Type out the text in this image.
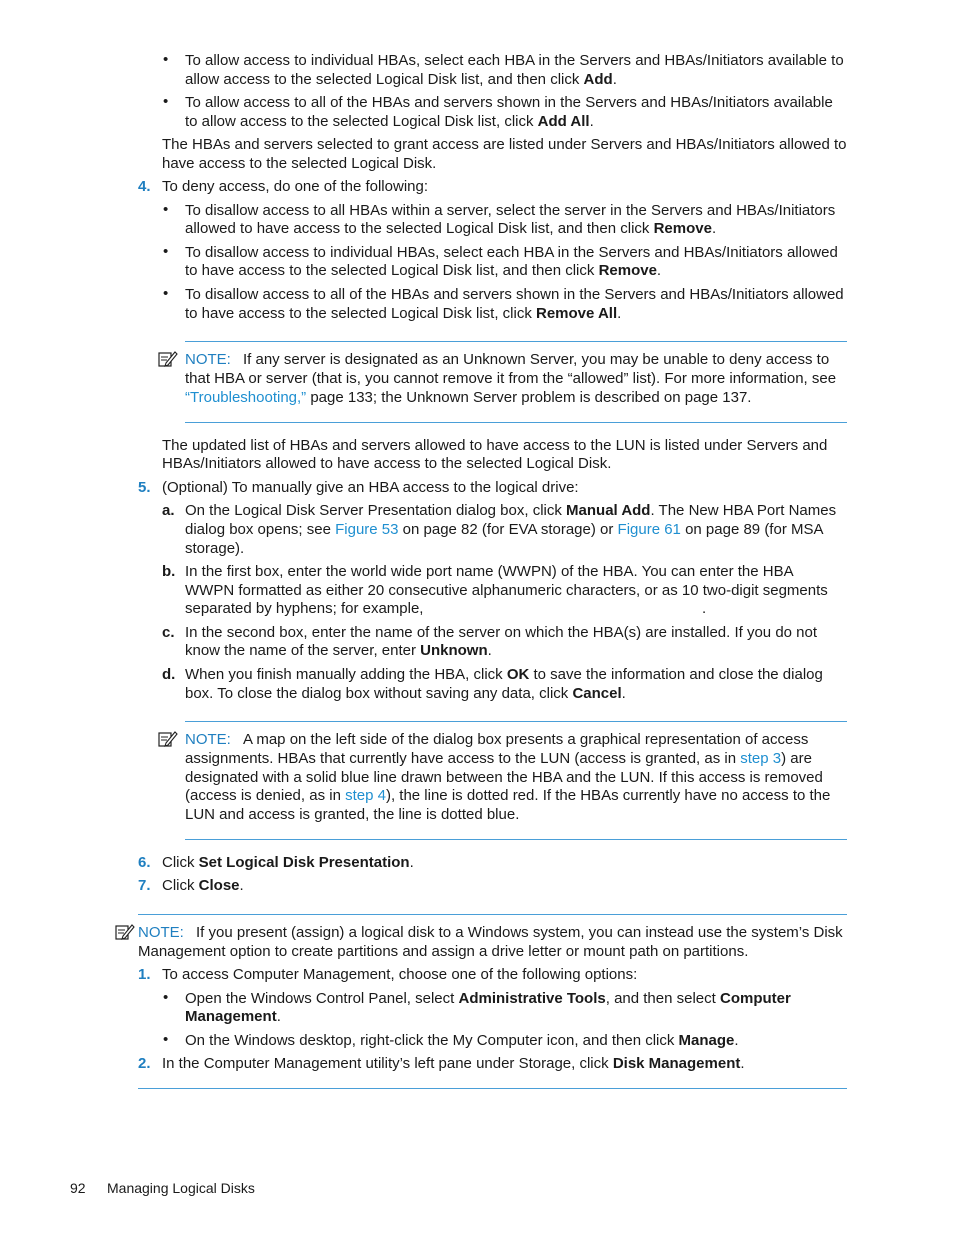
• To allow access to individual HBAs, select each HBA in the Servers and HBAs/Initiators available to
allow access to the selected Logical Disk list, and then click Add.
• To allow access to all of the HBAs and servers shown in the Servers and HBAs/Initiators available
to allow access to the selected Logical Disk list, click Add All.
The HBAs and servers selected to grant access are listed under Servers and HBAs/Initiators allowed to
have access to the selected Logical Disk.
4. To deny access, do one of the following:
• To disallow access to all HBAs within a server, select the server in the Servers and HBAs/Initiators
allowed to have access to the selected Logical Disk list, and then click Remove.
• To disallow access to individual HBAs, select each HBA in the Servers and HBAs/Initiators allowed
to have access to the selected Logical Disk list, and then click Remove.
• To disallow access to all of the HBAs and servers shown in the Servers and HBAs/Initiators allowed
to have access to the selected Logical Disk list, click Remove All.
NOTE: If any server is designated as an Unknown Server, you may be unable to deny access to
that HBA or server (that is, you cannot remove it from the “allowed” list). For more information, see
“Troubleshooting,” page 133; the Unknown Server problem is described on page 137.
The updated list of HBAs and servers allowed to have access to the LUN is listed under Servers and
HBAs/Initiators allowed to have access to the selected Logical Disk.
5. (Optional) To manually give an HBA access to the logical drive:
a. On the Logical Disk Server Presentation dialog box, click Manual Add. The New HBA Port Names
dialog box opens; see Figure 53 on page 82 (for EVA storage) or Figure 61 on page 89 (for MSA
storage).
b. In the first box, enter the world wide port name (WWPN) of the HBA. You can enter the HBA
WWPN formatted as either 20 consecutive alphanumeric characters, or as 10 two-digit segments
separated by hyphens; for example,	.
c. In the second box, enter the name of the server on which the HBA(s) are installed. If you do not
know the name of the server, enter Unknown.
d. When you finish manually adding the HBA, click OK to save the information and close the dialog
box. To close the dialog box without saving any data, click Cancel.
NOTE: A map on the left side of the dialog box presents a graphical representation of access
assignments. HBAs that currently have access to the LUN (access is granted, as in step 3) are
designated with a solid blue line drawn between the HBA and the LUN. If this access is removed
(access is denied, as in step 4), the line is dotted red. If the HBAs currently have no access to the
LUN and access is granted, the line is dotted blue.
6. Click Set Logical Disk Presentation.
7. Click Close.
NOTE: If you present (assign) a logical disk to a Windows system, you can instead use the system’s Disk
Management option to create partitions and assign a drive letter or mount path on partitions.
1. To access Computer Management, choose one of the following options:
• Open the Windows Control Panel, select Administrative Tools, and then select Computer
Management.
• On the Windows desktop, right-click the My Computer icon, and then click Manage.
2. In the Computer Management utility’s left pane under Storage, click Disk Management.
92 Managing Logical Disks
